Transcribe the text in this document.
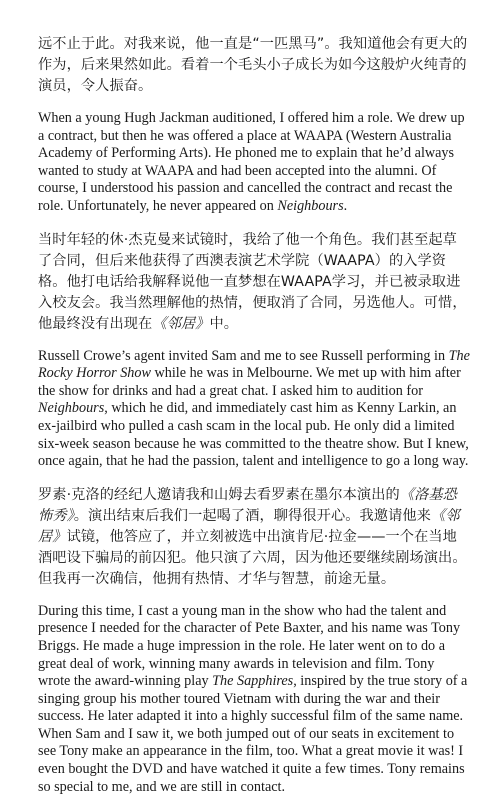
远不止于此。对我来说，他一直是“一匹黑马”。我知道他会有更大的作为，后来果然如此。看着一个毛头小子成长为如今这般炉火纯青的演员，令人振奋。

When a young Hugh Jackman auditioned, I offered him a role. We drew up a contract, but then he was offered a place at WAAPA (Western Australia Academy of Performing Arts). He phoned me to explain that he’d always wanted to study at WAAPA and had been accepted into the alumni. Of course, I understood his passion and cancelled the contract and recast the role. Unfortunately, he never appeared on Neighbours.

当时年轻的休·杰克曼来试镜时，我给了他一个角色。我们甚至起草了合同，但后来他获得了西澳表演艺术学院（WAAPA）的入学资格。他打电话给我解释说他一直梦想在WAAPA学习，并已被录取进入校友会。我当然理解他的热情，便取消了合同，另选他人。可惜，他最终没有出现在《邻居》中。

Russell Crowe’s agent invited Sam and me to see Russell performing in The Rocky Horror Show while he was in Melbourne. We met up with him after the show for drinks and had a great chat. I asked him to audition for Neighbours, which he did, and immediately cast him as Kenny Larkin, an ex-jailbird who pulled a cash scam in the local pub. He only did a limited six-week season because he was committed to the theatre show. But I knew, once again, that he had the passion, talent and intelligence to go a long way.

罗素·克洛的经纪人邀请我和山姆去看罗素在墨尔本演出的《洛基恐怖秀》。演出结束后我们一起喝了酒，聊得很开心。我邀请他来《邻居》试镜，他答应了，并立刻被选中出演肯尼·拉金——一个在当地酒吧设下骗局的前囚犯。他只演了六周，因为他还要继续剧场演出。但我再一次确信，他拥有热情、才华与智慧，前途无量。

During this time, I cast a young man in the show who had the talent and presence I needed for the character of Pete Baxter, and his name was Tony Briggs. He made a huge impression in the role. He later went on to do a great deal of work, winning many awards in television and film. Tony wrote the award-winning play The Sapphires, inspired by the true story of a singing group his mother toured Vietnam with during the war and their success. He later adapted it into a highly successful film of the same name. When Sam and I saw it, we both jumped out of our seats in excitement to see Tony make an appearance in the film, too. What a great movie it was! I even bought the DVD and have watched it quite a few times. Tony remains so special to me, and we are still in contact.
